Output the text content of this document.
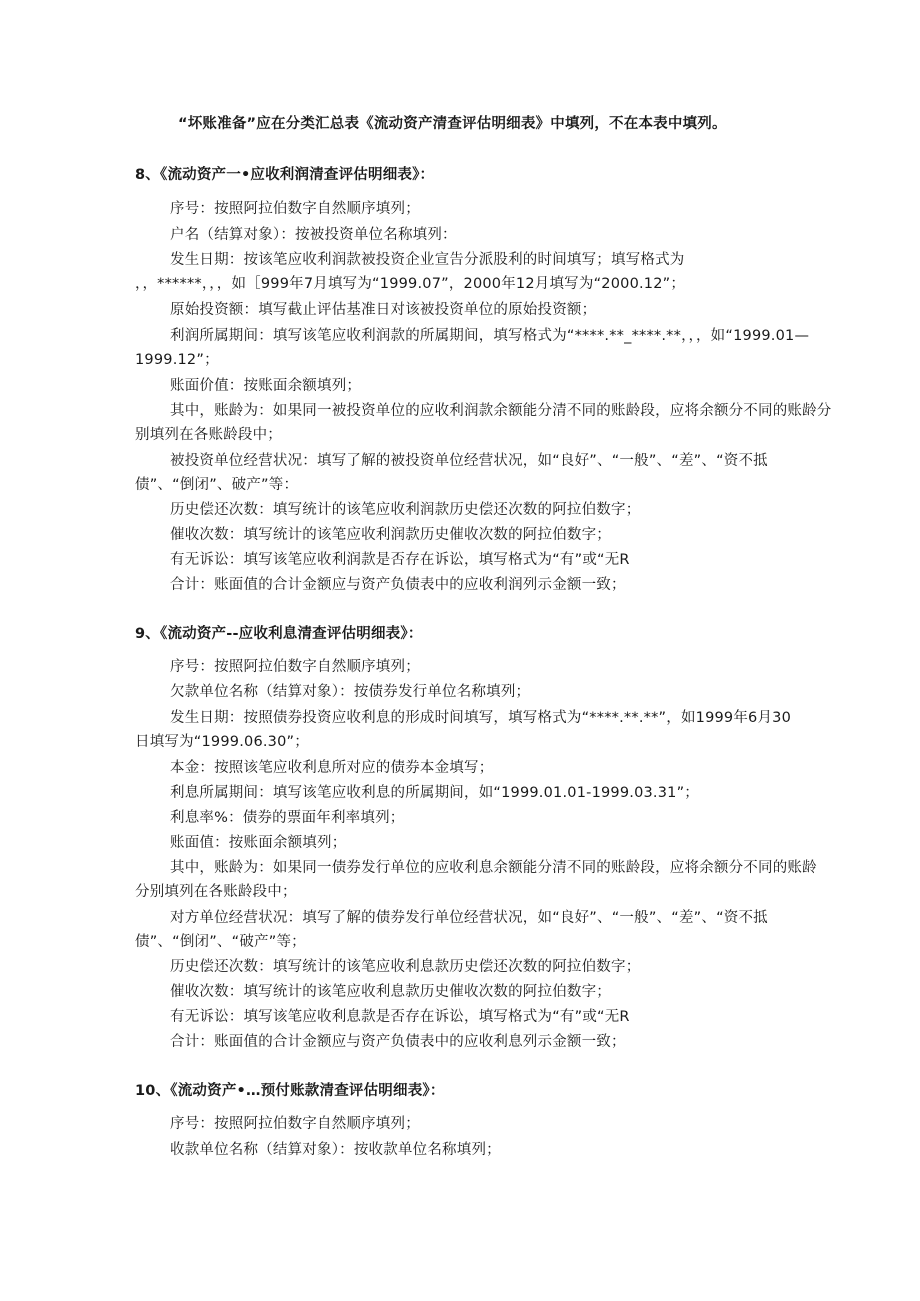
“坏账准备”应在分类汇总表《流动资产清查评估明细表》中填列，不在本表中填列。
8、《流动资产一•应收利润清查评估明细表》：
序号：按照阿拉伯数字自然顺序填列；
户名（结算对象）：按被投资单位名称填列：
发生日期：按该笔应收利润款被投资企业宣告分派股利的时间填写；填写格式为
，，******，，，如［999年7月填写为“1999.07”，2000年12月填写为“2000.12”；
原始投资额：填写截止评估基准日对该被投资单位的原始投资额；
利润所属期间：填写该笔应收利润款的所属期间，填写格式为“****.**_****.**，，，如“1999.01—
1999.12”；
账面价值：按账面余额填列；
其中，账龄为：如果同一被投资单位的应收利润款余额能分清不同的账龄段，应将余额分不同的账龄分
别填列在各账龄段中；
被投资单位经营状况：填写了解的被投资单位经营状况，如“良好”、“一般”、“差”、“资不抵
债”、“倒闭”、破产”等：
历史偿还次数：填写统计的该笔应收利润款历史偿还次数的阿拉伯数字；
催收次数：填写统计的该笔应收利润款历史催收次数的阿拉伯数字；
有无诉讼：填写该笔应收利润款是否存在诉讼，填写格式为“有”或“无R
合计：账面值的合计金额应与资产负债表中的应收利润列示金额一致；
9、《流动资产--应收利息清查评估明细表》：
序号：按照阿拉伯数字自然顺序填列；
欠款单位名称（结算对象）：按债券发行单位名称填列；
发生日期：按照债券投资应收利息的形成时间填写，填写格式为“****.**.**”，如1999年6月30
日填写为“1999.06.30”；
本金：按照该笔应收利息所对应的债券本金填写；
利息所属期间：填写该笔应收利息的所属期间，如“1999.01.01-1999.03.31”；
利息率%：债券的票面年利率填列；
账面值：按账面余额填列；
其中，账龄为：如果同一债券发行单位的应收利息余额能分清不同的账龄段，应将余额分不同的账龄
分别填列在各账龄段中；
对方单位经营状况：填写了解的债券发行单位经营状况，如“良好”、“一般”、“差”、“资不抵
债”、“倒闭”、“破产”等；
历史偿还次数：填写统计的该笔应收利息款历史偿还次数的阿拉伯数字；
催收次数：填写统计的该笔应收利息款历史催收次数的阿拉伯数字；
有无诉讼：填写该笔应收利息款是否存在诉讼，填写格式为“有”或“无R
合计：账面值的合计金额应与资产负债表中的应收利息列示金额一致；
10、《流动资产•…预付账款清查评估明细表》：
序号：按照阿拉伯数字自然顺序填列；
收款单位名称（结算对象）：按收款单位名称填列；
